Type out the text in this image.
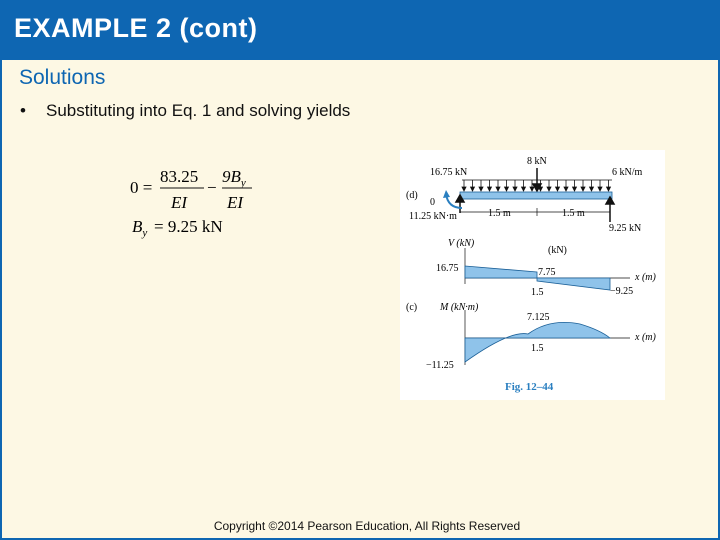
EXAMPLE 2 (cont)
Solutions
• Substituting into Eq. 1 and solving yields
0 =
83.25
EI
−
$9B_y$
EI
$B_y = 9.25$ kN
16.75 kN
8 kN
6 kN/m
(d)
0
11.25 kN·m
9.25 kN
1.5 m	1.5 m
V (kN)
(kN)
16.75	7.75
−9.25
x (m)
1.5
(c) M (kN·m)
7.125
−11.25
x (m)
1.5
Fig. 12–44
Copyright ©2014 Pearson Education, All Rights Reserved
